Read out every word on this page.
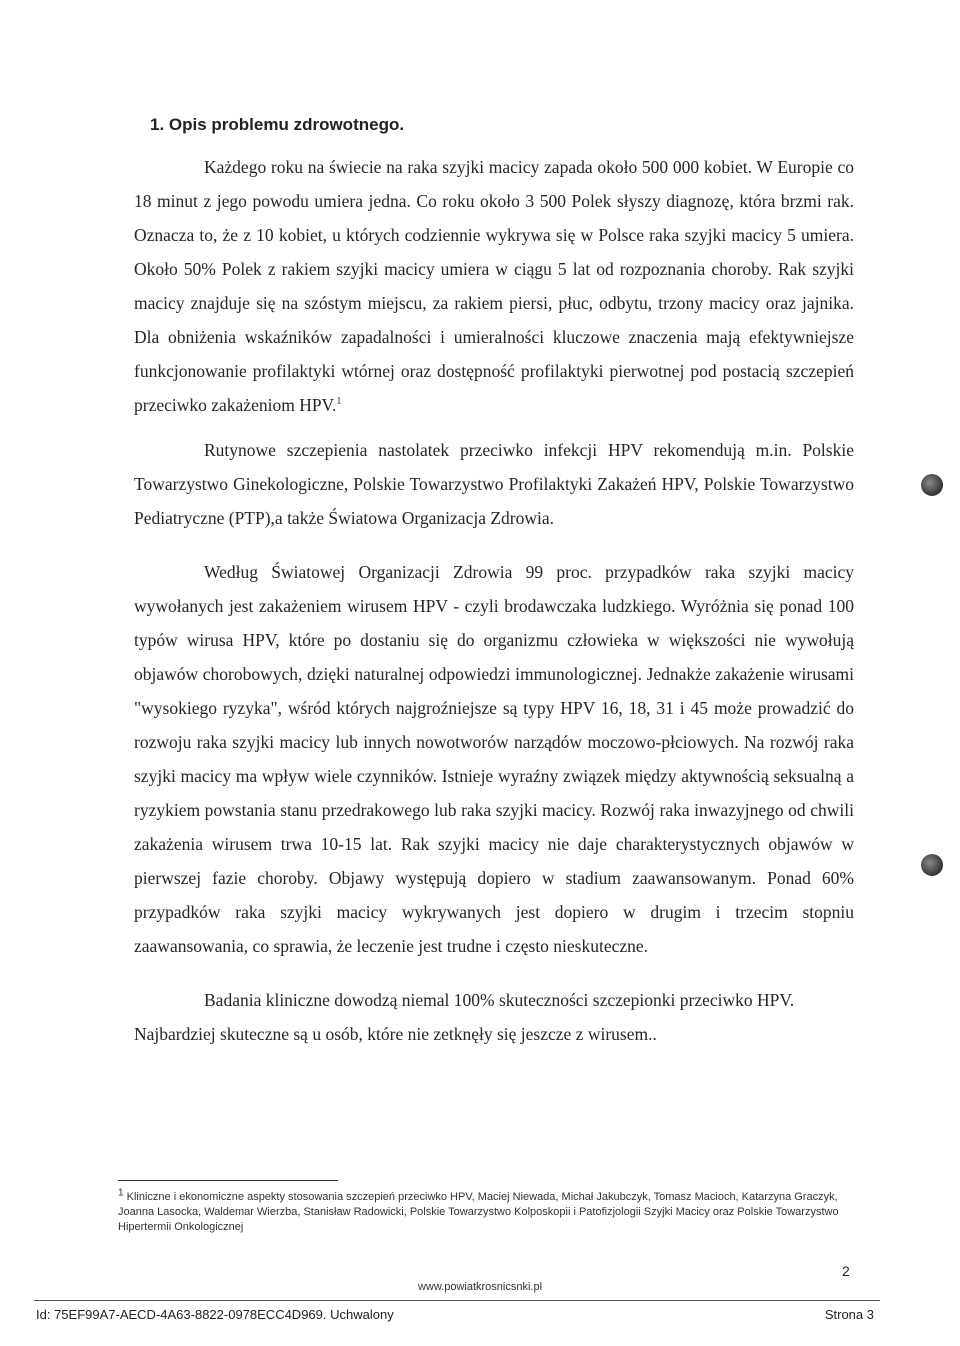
1. Opis problemu zdrowotnego.

Każdego roku na świecie na raka szyjki macicy zapada około 500 000 kobiet. W Europie co 18 minut z jego powodu umiera jedna. Co roku około 3 500 Polek słyszy diagnozę, która brzmi rak. Oznacza to, że z 10 kobiet, u których codziennie wykrywa się w Polsce raka szyjki macicy 5 umiera. Około 50% Polek z rakiem szyjki macicy umiera w ciągu 5 lat od rozpoznania choroby. Rak szyjki macicy znajduje się na szóstym miejscu, za rakiem piersi, płuc, odbytu, trzony macicy oraz jajnika. Dla obniżenia wskaźników zapadalności i umieralności kluczowe znaczenia mają efektywniejsze funkcjonowanie profilaktyki wtórnej oraz dostępność profilaktyki pierwotnej pod postacią szczepień przeciwko zakażeniom HPV.$^1$

Rutynowe szczepienia nastolatek przeciwko infekcji HPV rekomendują m.in. Polskie Towarzystwo Ginekologiczne, Polskie Towarzystwo Profilaktyki Zakażeń HPV, Polskie Towarzystwo Pediatryczne (PTP),a także Światowa Organizacja Zdrowia.

Według Światowej Organizacji Zdrowia 99 proc. przypadków raka szyjki macicy wywołanych jest zakażeniem wirusem HPV - czyli brodawczaka ludzkiego. Wyróżnia się ponad 100 typów wirusa HPV, które po dostaniu się do organizmu człowieka w większości nie wywołują objawów chorobowych, dzięki naturalnej odpowiedzi immunologicznej. Jednakże zakażenie wirusami "wysokiego ryzyka", wśród których najgroźniejsze są typy HPV 16, 18, 31 i 45 może prowadzić do rozwoju raka szyjki macicy lub innych nowotworów narządów moczowo-płciowych. Na rozwój raka szyjki macicy ma wpływ wiele czynników. Istnieje wyraźny związek między aktywnością seksualną a ryzykiem powstania stanu przedrakowego lub raka szyjki macicy. Rozwój raka inwazyjnego od chwili zakażenia wirusem trwa 10-15 lat. Rak szyjki macicy nie daje charakterystycznych objawów w pierwszej fazie choroby. Objawy występują dopiero w stadium zaawansowanym. Ponad 60% przypadków raka szyjki macicy wykrywanych jest dopiero w drugim i trzecim stopniu zaawansowania, co sprawia, że leczenie jest trudne i często nieskuteczne.

Badania kliniczne dowodzą niemal 100% skuteczności szczepionki przeciwko HPV.

Najbardziej skuteczne są u osób, które nie zetknęły się jeszcze z wirusem..

$^1$ Kliniczne i ekonomiczne aspekty stosowania szczepień przeciwko HPV, Maciej Niewada, Michał Jakubczyk, Tomasz Macioch, Katarzyna Graczyk, Joanna Lasocka, Waldemar Wierzba, Stanisław Radowicki, Polskie Towarzystwo Kolposkopii i Patofizjologii Szyjki Macicy oraz Polskie Towarzystwo Hipertermii Onkologicznej
2
www.powiatkrosnicsnki.pl
Id: 75EF99A7-AECD-4A63-8822-0978ECC4D969. Uchwalony	Strona 3
